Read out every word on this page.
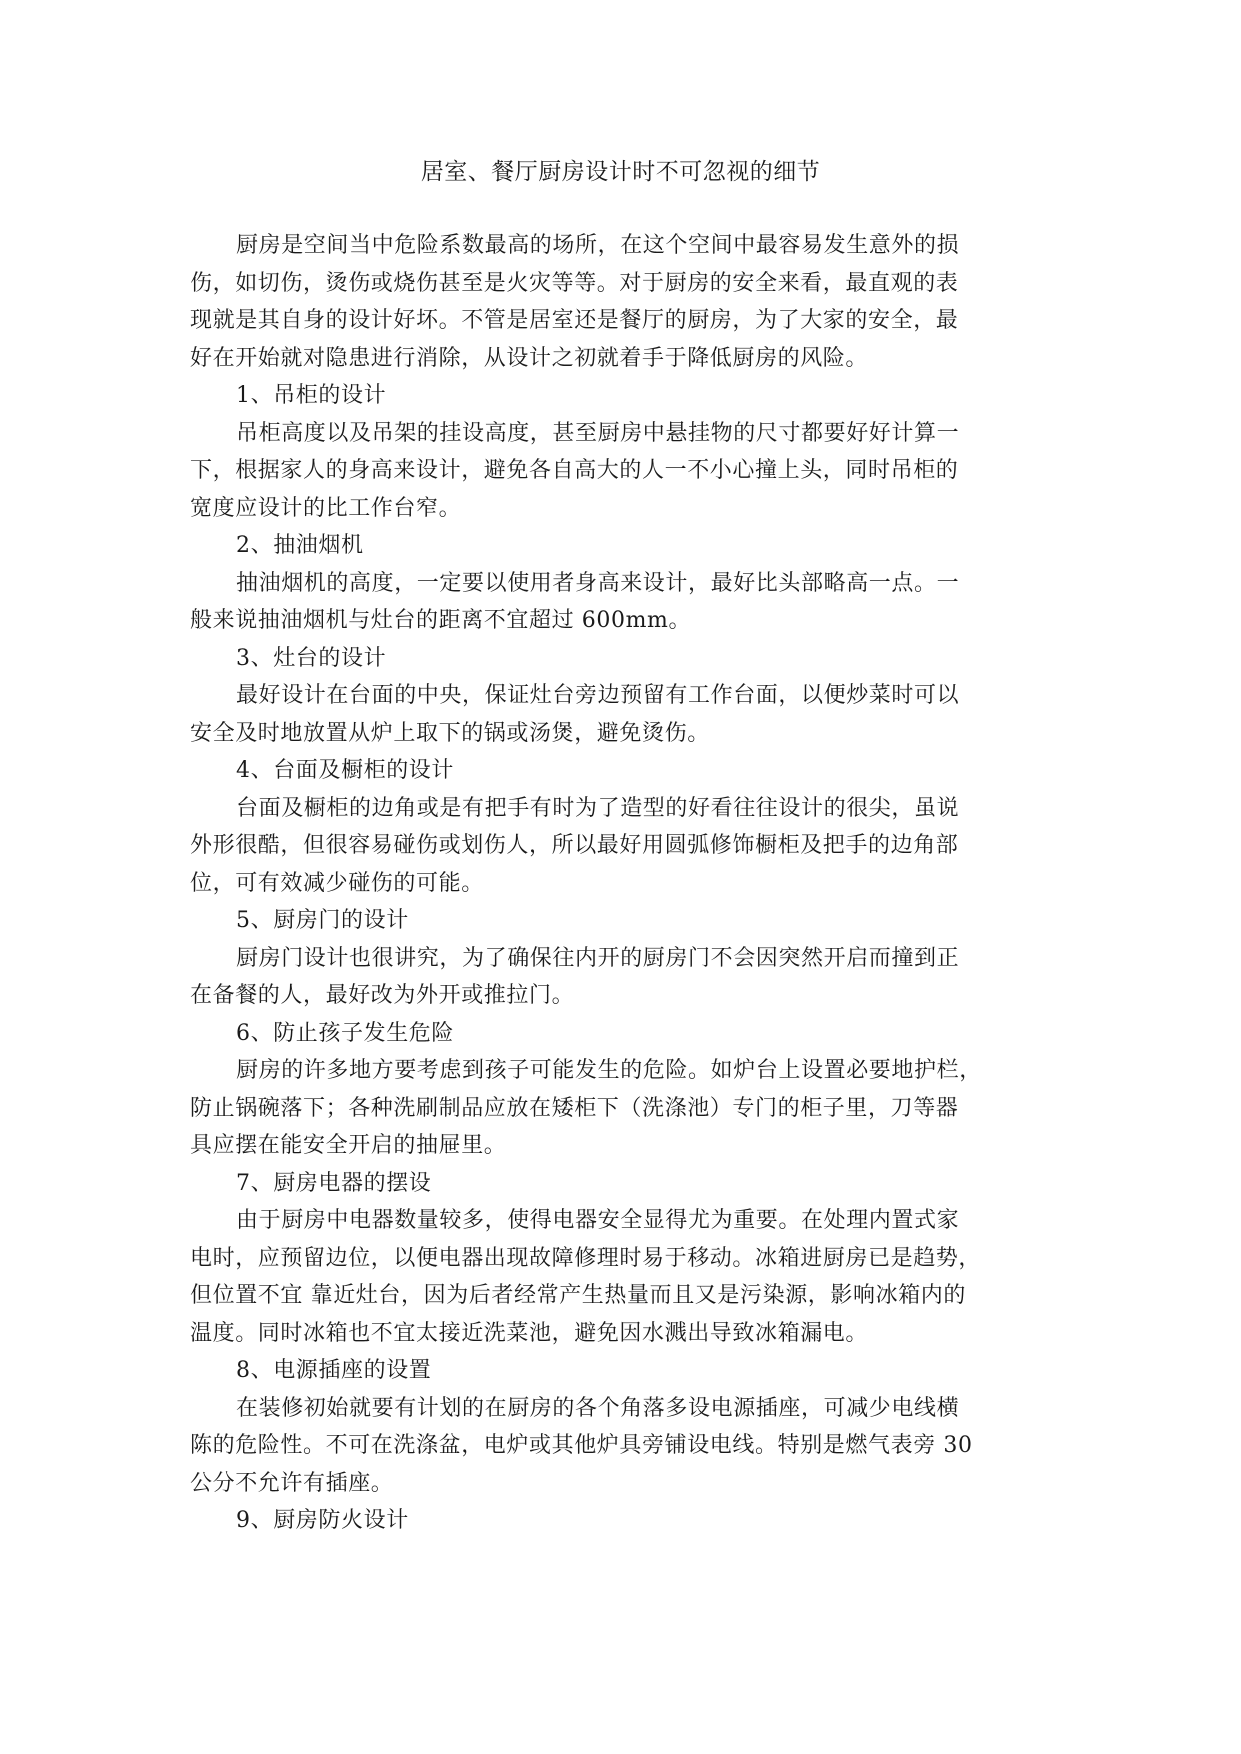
居室、餐厅厨房设计时不可忽视的细节
厨房是空间当中危险系数最高的场所，在这个空间中最容易发生意外的损
伤，如切伤，烫伤或烧伤甚至是火灾等等。对于厨房的安全来看，最直观的表
现就是其自身的设计好坏。不管是居室还是餐厅的厨房，为了大家的安全，最
好在开始就对隐患进行消除，从设计之初就着手于降低厨房的风险。
1、吊柜的设计
吊柜高度以及吊架的挂设高度，甚至厨房中悬挂物的尺寸都要好好计算一
下，根据家人的身高来设计，避免各自高大的人一不小心撞上头，同时吊柜的
宽度应设计的比工作台窄。
2、抽油烟机
抽油烟机的高度，一定要以使用者身高来设计，最好比头部略高一点。一
般来说抽油烟机与灶台的距离不宜超过 600mm。
3、灶台的设计
最好设计在台面的中央，保证灶台旁边预留有工作台面，以便炒菜时可以
安全及时地放置从炉上取下的锅或汤煲，避免烫伤。
4、台面及橱柜的设计
台面及橱柜的边角或是有把手有时为了造型的好看往往设计的很尖，虽说
外形很酷，但很容易碰伤或划伤人，所以最好用圆弧修饰橱柜及把手的边角部
位，可有效减少碰伤的可能。
5、厨房门的设计
厨房门设计也很讲究，为了确保往内开的厨房门不会因突然开启而撞到正
在备餐的人，最好改为外开或推拉门。
6、防止孩子发生危险
厨房的许多地方要考虑到孩子可能发生的危险。如炉台上设置必要地护栏，
防止锅碗落下；各种洗刷制品应放在矮柜下（洗涤池）专门的柜子里，刀等器
具应摆在能安全开启的抽屉里。
7、厨房电器的摆设
由于厨房中电器数量较多，使得电器安全显得尤为重要。在处理内置式家
电时，应预留边位，以便电器出现故障修理时易于移动。冰箱进厨房已是趋势，
但位置不宜 靠近灶台，因为后者经常产生热量而且又是污染源，影响冰箱内的
温度。同时冰箱也不宜太接近洗菜池，避免因水溅出导致冰箱漏电。
8、电源插座的设置
在装修初始就要有计划的在厨房的各个角落多设电源插座，可减少电线横
陈的危险性。不可在洗涤盆，电炉或其他炉具旁铺设电线。特别是燃气表旁 30
公分不允许有插座。
9、厨房防火设计
